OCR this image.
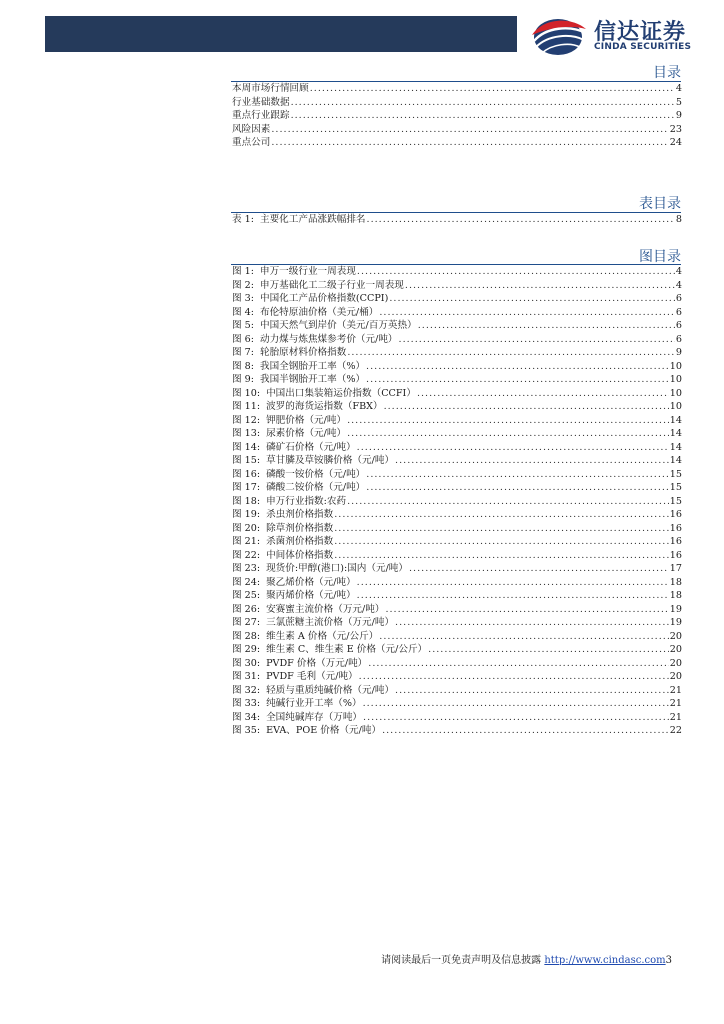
信达证券
CINDA SECURITIES
目录
本周市场行情回顾 .....	4
行业基础数据 .....	5
重点行业跟踪 .....	9
风险因素 .....	23
重点公司 .....	24
表目录
表 1: 主要化工产品涨跌幅排名 .....	8
图目录
图 1: 申万一级行业一周表现 .....	4
图 2: 申万基础化工二级子行业一周表现 .....	4
图 3: 中国化工产品价格指数(CCPI) .....	6
图 4: 布伦特原油价格（美元/桶） .....	6
图 5: 中国天然气到岸价（美元/百万英热） .....	6
图 6: 动力煤与炼焦煤参考价（元/吨） .....	6
图 7: 轮胎原材料价格指数 .....	9
图 8: 我国全钢胎开工率（%） .....	10
图 9: 我国半钢胎开工率（%） .....	10
图 10: 中国出口集装箱运价指数（CCFI） .....	10
图 11: 波罗的海货运指数（FBX） .....	10
图 12: 钾肥价格（元/吨） .....	14
图 13: 尿素价格（元/吨） .....	14
图 14: 磷矿石价格（元/吨） .....	14
图 15: 草甘膦及草铵膦价格（元/吨） .....	14
图 16: 磷酸一铵价格（元/吨） .....	15
图 17: 磷酸二铵价格（元/吨） .....	15
图 18: 申万行业指数:农药 .....	15
图 19: 杀虫剂价格指数 .....	16
图 20: 除草剂价格指数 .....	16
图 21: 杀菌剂价格指数 .....	16
图 22: 中间体价格指数 .....	16
图 23: 现货价:甲醇(港口):国内（元/吨） .....	17
图 24: 聚乙烯价格（元/吨） .....	18
图 25: 聚丙烯价格（元/吨） .....	18
图 26: 安赛蜜主流价格（万元/吨） .....	19
图 27: 三氯蔗糖主流价格（万元/吨） .....	19
图 28: 维生素 A 价格（元/公斤） .....	20
图 29: 维生素 C、维生素 E 价格（元/公斤） .....	20
图 30: PVDF 价格（万元/吨） .....	20
图 31: PVDF 毛利（元/吨） .....	20
图 32: 轻质与重质纯碱价格（元/吨） .....	21
图 33: 纯碱行业开工率（%） .....	21
图 34: 全国纯碱库存（万吨） .....	21
图 35: EVA、POE 价格（元/吨） .....	22
请阅读最后一页免责声明及信息披露 http://www.cindasc.com3
